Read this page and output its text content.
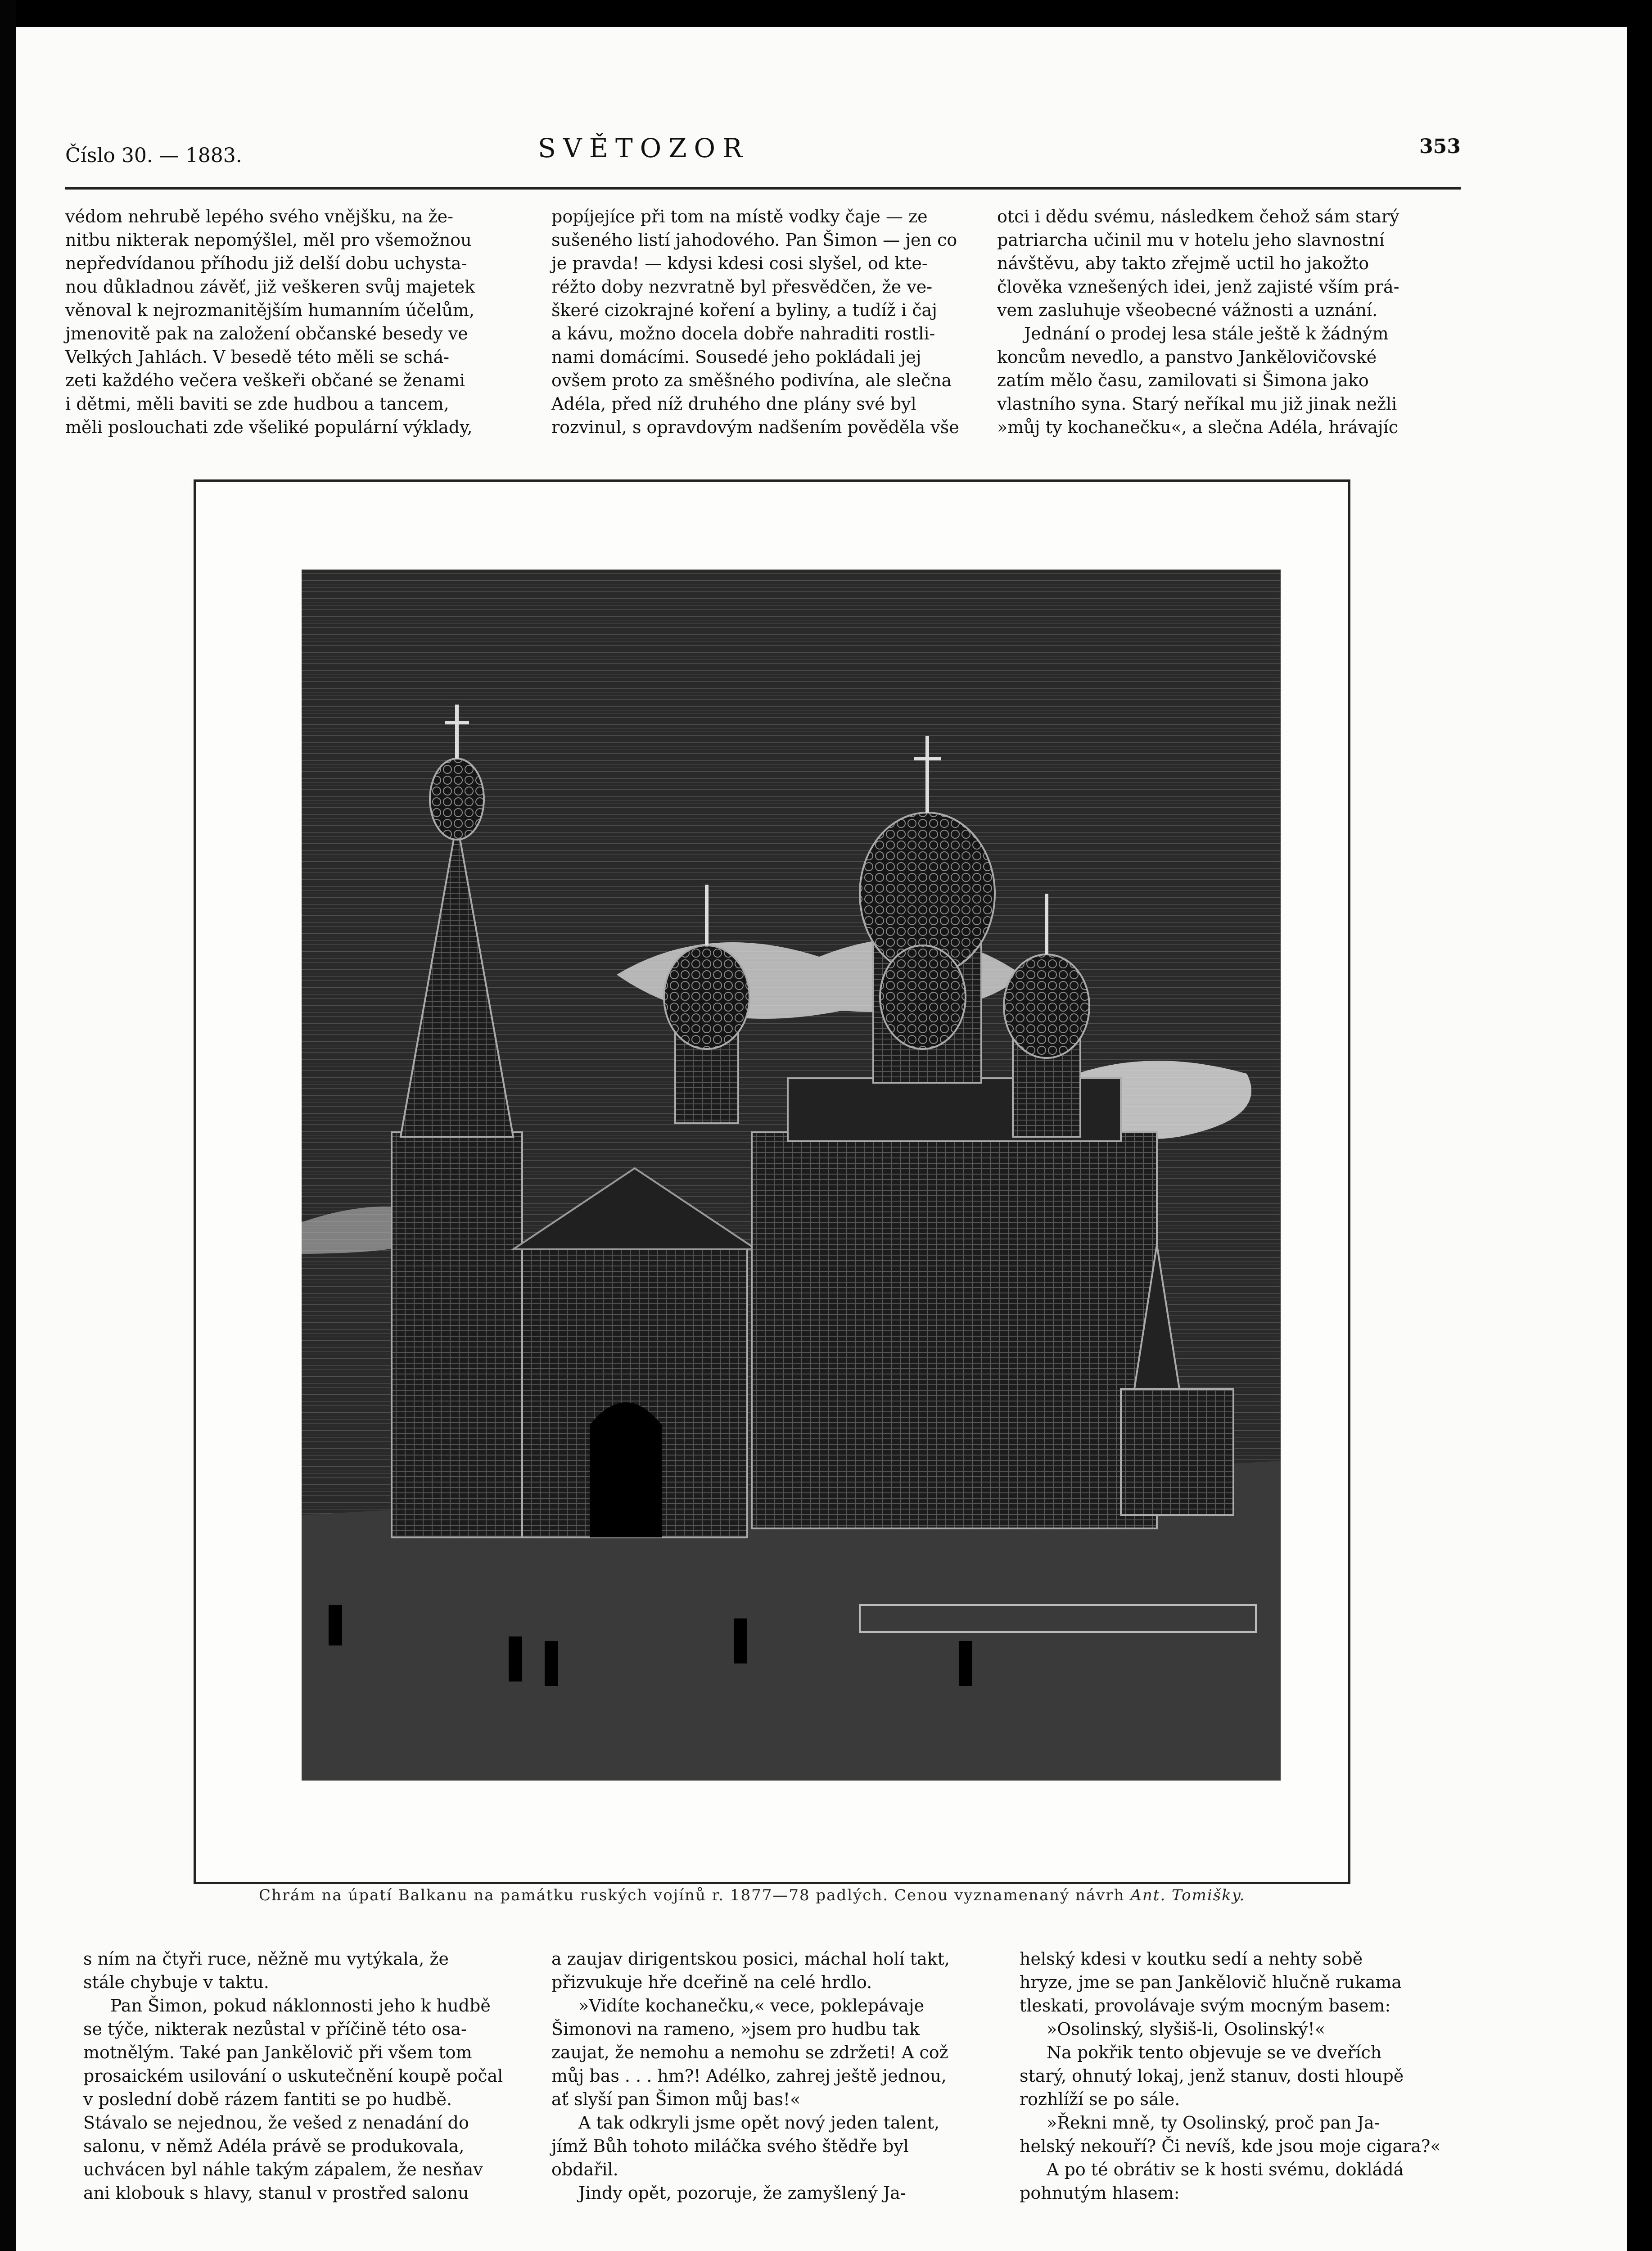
Číslo 30. — 1883.	SVĚTOZOR	353

védom nehrubě lepého svého vnějšku, na že-

nitbu nikterak nepomýšlel, měl pro všemožnou

nepředvídanou příhodu již delší dobu uchysta-

nou důkladnou závěť, již veškeren svůj majetek

věnoval k nejrozmanitějším humanním účelům,

jmenovitě pak na založení občanské besedy ve

Velkých Jahlách. V besedě této měli se schá-

zeti každého večera veškeři občané se ženami

i dětmi, měli baviti se zde hudbou a tancem,

měli poslouchati zde všeliké populární výklady,

popíjejíce při tom na místě vodky čaje — ze

sušeného listí jahodového. Pan Šimon — jen co

je pravda! — kdysi kdesi cosi slyšel, od kte-

réžto doby nezvratně byl přesvědčen, že ve-

škeré cizokrajné koření a byliny, a tudíž i čaj

a kávu, možno docela dobře nahraditi rostli-

nami domácími. Sousedé jeho pokládali jej

ovšem proto za směšného podivína, ale slečna

Adéla, před níž druhého dne plány své byl

rozvinul, s opravdovým nadšením pověděla vše

otci i dědu svému, následkem čehož sám starý

patriarcha učinil mu v hotelu jeho slavnostní

návštěvu, aby takto zřejmě uctil ho jakožto

člověka vznešených idei, jenž zajisté vším prá-

vem zasluhuje všeobecné vážnosti a uznání.

Jednání o prodej lesa stále ještě k žádným

koncům nevedlo, a panstvo Jankělovičovské

zatím mělo času, zamilovati si Šimona jako

vlastního syna. Starý neříkal mu již jinak nežli

»můj ty kochanečku«, a slečna Adéla, hrávajíc

Chrám na úpatí Balkanu na památku ruských vojínů r. 1877—78 padlých. Cenou vyznamenaný návrh Ant. Tomišky.

s ním na čtyři ruce, něžně mu vytýkala, že

stále chybuje v taktu.

Pan Šimon, pokud náklonnosti jeho k hudbě

se týče, nikterak nezůstal v příčině této osa-

motnělým. Také pan Jankělovič při všem tom

prosaickém usilování o uskutečnění koupě počal

v poslední době rázem fantiti se po hudbě.

Stávalo se nejednou, že vešed z nenadání do

salonu, v němž Adéla právě se produkovala,

uchvácen byl náhle takým zápalem, že nesňav

ani klobouk s hlavy, stanul v prostřed salonu

a zaujav dirigentskou posici, máchal holí takt,

přizvukuje hře dceřině na celé hrdlo.

»Vidíte kochanečku,« vece, poklepávaje

Šimonovi na rameno, »jsem pro hudbu tak

zaujat, že nemohu a nemohu se zdržeti! A což

můj bas . . . hm?! Adélko, zahrej ještě jednou,

ať slyší pan Šimon můj bas!«

A tak odkryli jsme opět nový jeden talent,

jímž Bůh tohoto miláčka svého štědře byl

obdařil.

Jindy opět, pozoruje, že zamyšlený Ja-

helský kdesi v koutku sedí a nehty sobě

hryze, jme se pan Jankělovič hlučně rukama

tleskati, provolávaje svým mocným basem:

»Osolinský, slyšiš-li, Osolinský!«

Na pokřik tento objevuje se ve dveřích

starý, ohnutý lokaj, jenž stanuv, dosti hloupě

rozhlíží se po sále.

»Řekni mně, ty Osolinský, proč pan Ja-

helský nekouří? Či nevíš, kde jsou moje cigara?«

A po té obrátiv se k hosti svému, dokládá

pohnutým hlasem:
